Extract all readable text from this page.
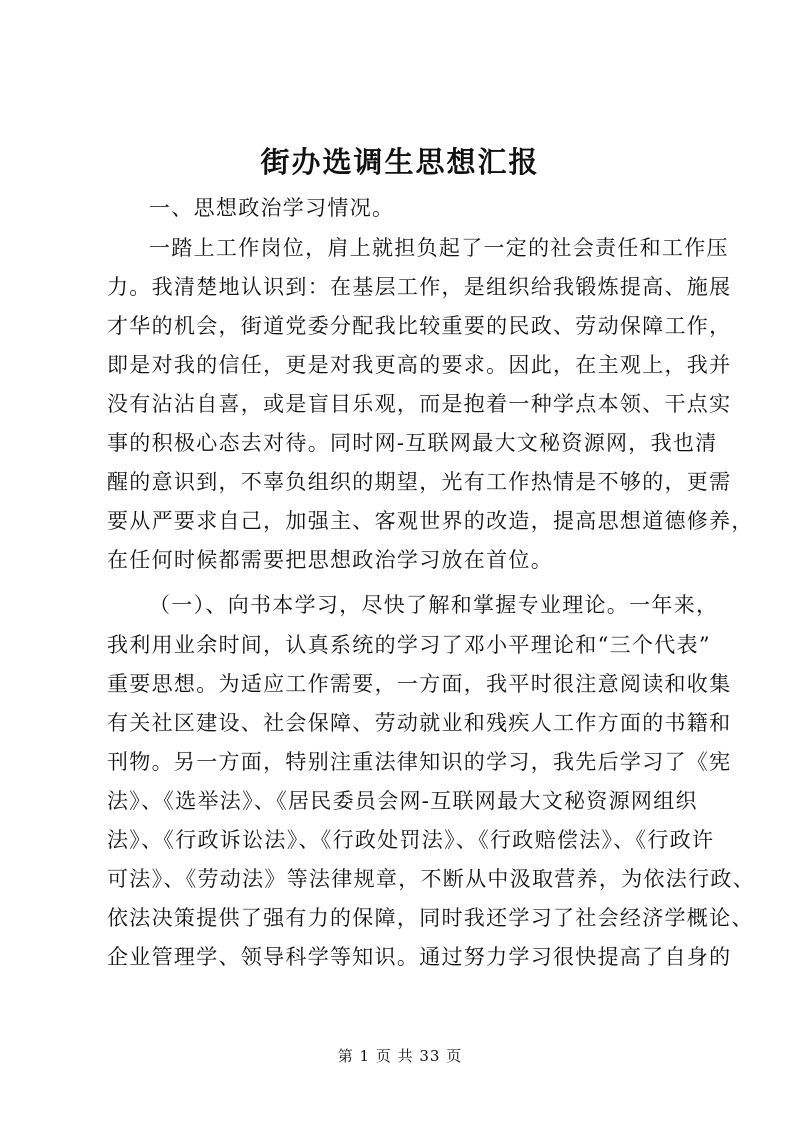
街办选调生思想汇报
一、思想政治学习情况。
一踏上工作岗位，肩上就担负起了一定的社会责任和工作压
力。我清楚地认识到：在基层工作，是组织给我锻炼提高、施展
才华的机会，街道党委分配我比较重要的民政、劳动保障工作，
即是对我的信任，更是对我更高的要求。因此，在主观上，我并
没有沾沾自喜，或是盲目乐观，而是抱着一种学点本领、干点实
事的积极心态去对待。同时网-互联网最大文秘资源网，我也清
醒的意识到，不辜负组织的期望，光有工作热情是不够的，更需
要从严要求自己，加强主、客观世界的改造，提高思想道德修养，
在任何时候都需要把思想政治学习放在首位。
（一）、向书本学习，尽快了解和掌握专业理论。一年来，
我利用业余时间，认真系统的学习了邓小平理论和“三个代表”
重要思想。为适应工作需要，一方面，我平时很注意阅读和收集
有关社区建设、社会保障、劳动就业和残疾人工作方面的书籍和
刊物。另一方面，特别注重法律知识的学习，我先后学习了《宪
法》、《选举法》、《居民委员会网-互联网最大文秘资源网组织
法》、《行政诉讼法》、《行政处罚法》、《行政赔偿法》、《行政许
可法》、《劳动法》等法律规章，不断从中汲取营养，为依法行政、
依法决策提供了强有力的保障，同时我还学习了社会经济学概论、
企业管理学、领导科学等知识。通过努力学习很快提高了自身的
第 1 页 共 33 页
